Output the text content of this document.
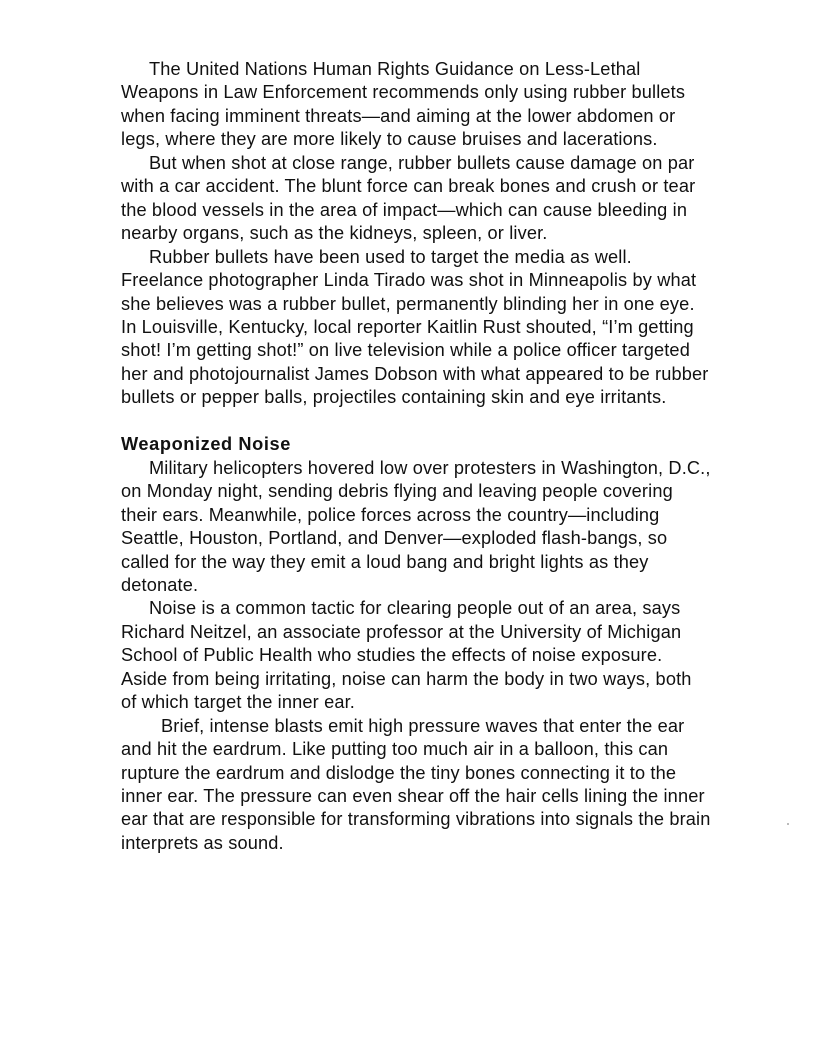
The United Nations Human Rights Guidance on Less-Lethal Weapons in Law Enforcement recommends only using rubber bullets when facing imminent threats—and aiming at the lower abdomen or legs, where they are more likely to cause bruises and lacerations.

But when shot at close range, rubber bullets cause damage on par with a car accident. The blunt force can break bones and crush or tear the blood vessels in the area of impact—which can cause bleeding in nearby organs, such as the kidneys, spleen, or liver.

Rubber bullets have been used to target the media as well. Freelance photographer Linda Tirado was shot in Minneapolis by what she believes was a rubber bullet, permanently blinding her in one eye. In Louisville, Kentucky, local reporter Kaitlin Rust shouted, “I’m getting shot! I’m getting shot!” on live television while a police officer targeted her and photojournalist James Dobson with what appeared to be rubber bullets or pepper balls, projectiles containing skin and eye irritants.

Weaponized Noise

Military helicopters hovered low over protesters in Washington, D.C., on Monday night, sending debris flying and leaving people covering their ears. Meanwhile, police forces across the country—including Seattle, Houston, Portland, and Denver—exploded flash-bangs, so called for the way they emit a loud bang and bright lights as they detonate.

Noise is a common tactic for clearing people out of an area, says Richard Neitzel, an associate professor at the University of Michigan School of Public Health who studies the effects of noise exposure. Aside from being irritating, noise can harm the body in two ways, both of which target the inner ear.

Brief, intense blasts emit high pressure waves that enter the ear and hit the eardrum. Like putting too much air in a balloon, this can rupture the eardrum and dislodge the tiny bones connecting it to the inner ear. The pressure can even shear off the hair cells lining the inner ear that are responsible for transforming vibrations into signals the brain interprets as sound.
